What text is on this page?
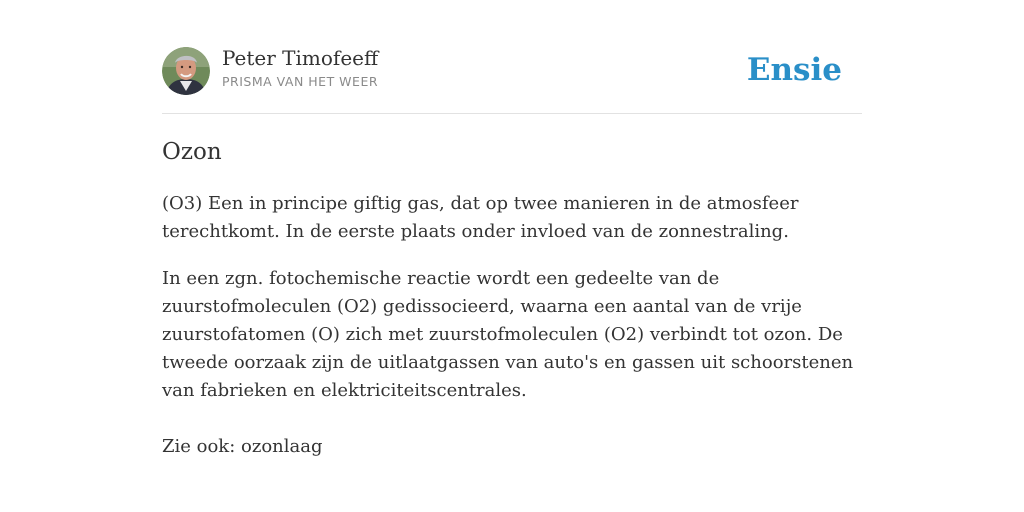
Peter Timofeeff
PRISMA VAN HET WEER	Ensie
Ozon

(O3) Een in principe giftig gas, dat op twee manieren in de atmosfeer terechtkomt. In de eerste plaats onder invloed van de zonnestraling.

In een zgn. fotochemische reactie wordt een gedeelte van de zuurstofmoleculen (O2) gedissocieerd, waarna een aantal van de vrije zuurstofatomen (O) zich met zuurstofmoleculen (O2) verbindt tot ozon. De tweede oorzaak zijn de uitlaatgassen van auto's en gassen uit schoorstenen van fabrieken en elektriciteitscentrales.

Zie ook: ozonlaag
